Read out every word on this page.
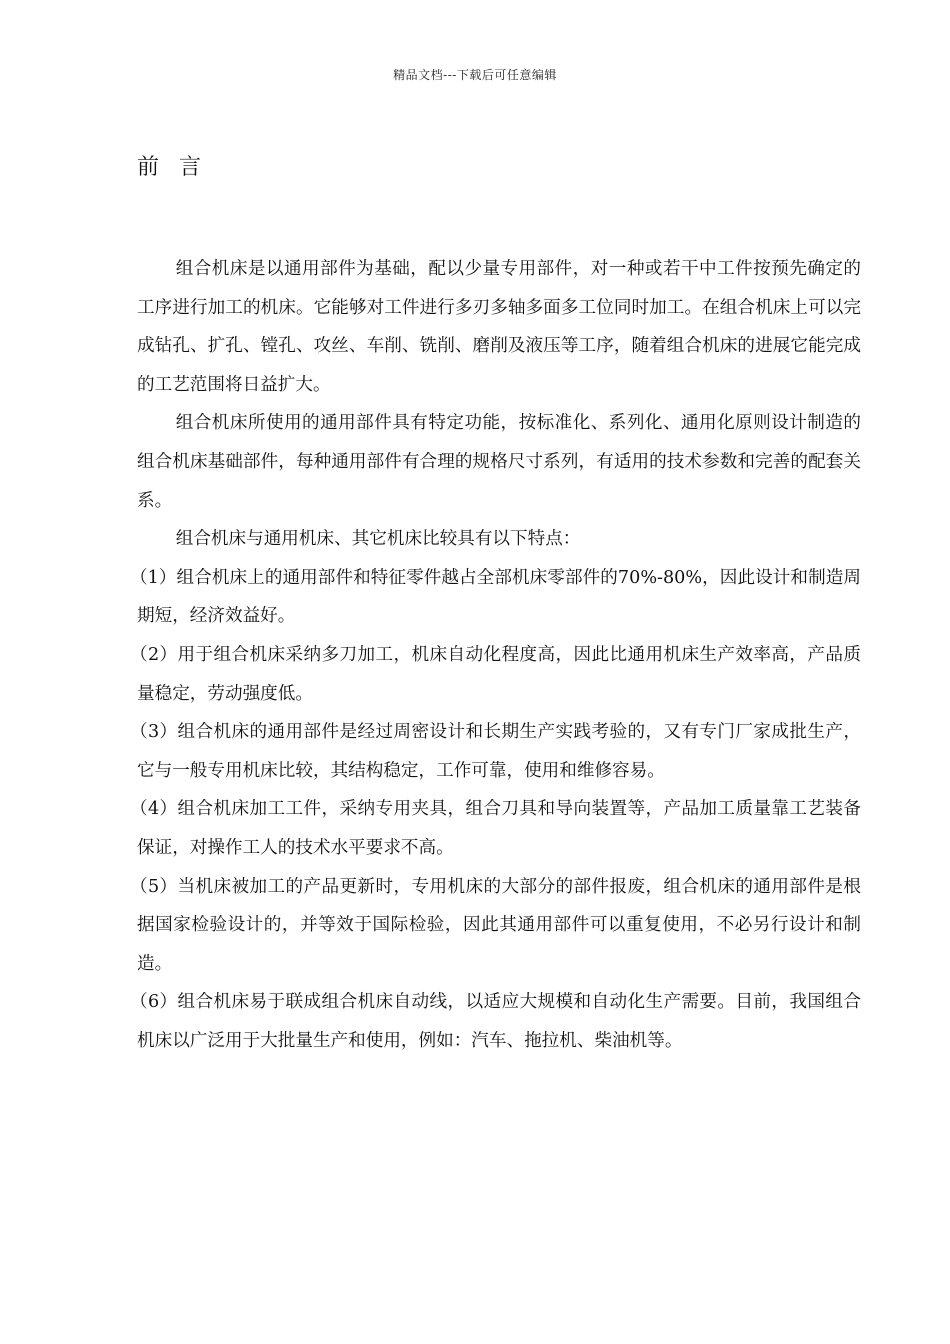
精品文档---下载后可任意编辑
前言

组合机床是以通用部件为基础，配以少量专用部件，对一种或若干中工件按预先确定的工序进行加工的机床。它能够对工件进行多刃多轴多面多工位同时加工。在组合机床上可以完成钻孔、扩孔、镗孔、攻丝、车削、铣削、磨削及液压等工序，随着组合机床的进展它能完成的工艺范围将日益扩大。

组合机床所使用的通用部件具有特定功能，按标准化、系列化、通用化原则设计制造的组合机床基础部件，每种通用部件有合理的规格尺寸系列，有适用的技术参数和完善的配套关系。

组合机床与通用机床、其它机床比较具有以下特点：

（1）组合机床上的通用部件和特征零件越占全部机床零部件的70%-80%，因此设计和制造周期短，经济效益好。

（2）用于组合机床采纳多刀加工，机床自动化程度高，因此比通用机床生产效率高，产品质量稳定，劳动强度低。

（3）组合机床的通用部件是经过周密设计和长期生产实践考验的，又有专门厂家成批生产，它与一般专用机床比较，其结构稳定，工作可靠，使用和维修容易。

（4）组合机床加工工件，采纳专用夹具，组合刀具和导向装置等，产品加工质量靠工艺装备保证，对操作工人的技术水平要求不高。

（5）当机床被加工的产品更新时，专用机床的大部分的部件报废，组合机床的通用部件是根据国家检验设计的，并等效于国际检验，因此其通用部件可以重复使用，不必另行设计和制造。

（6）组合机床易于联成组合机床自动线，以适应大规模和自动化生产需要。目前，我国组合机床以广泛用于大批量生产和使用，例如：汽车、拖拉机、柴油机等。
